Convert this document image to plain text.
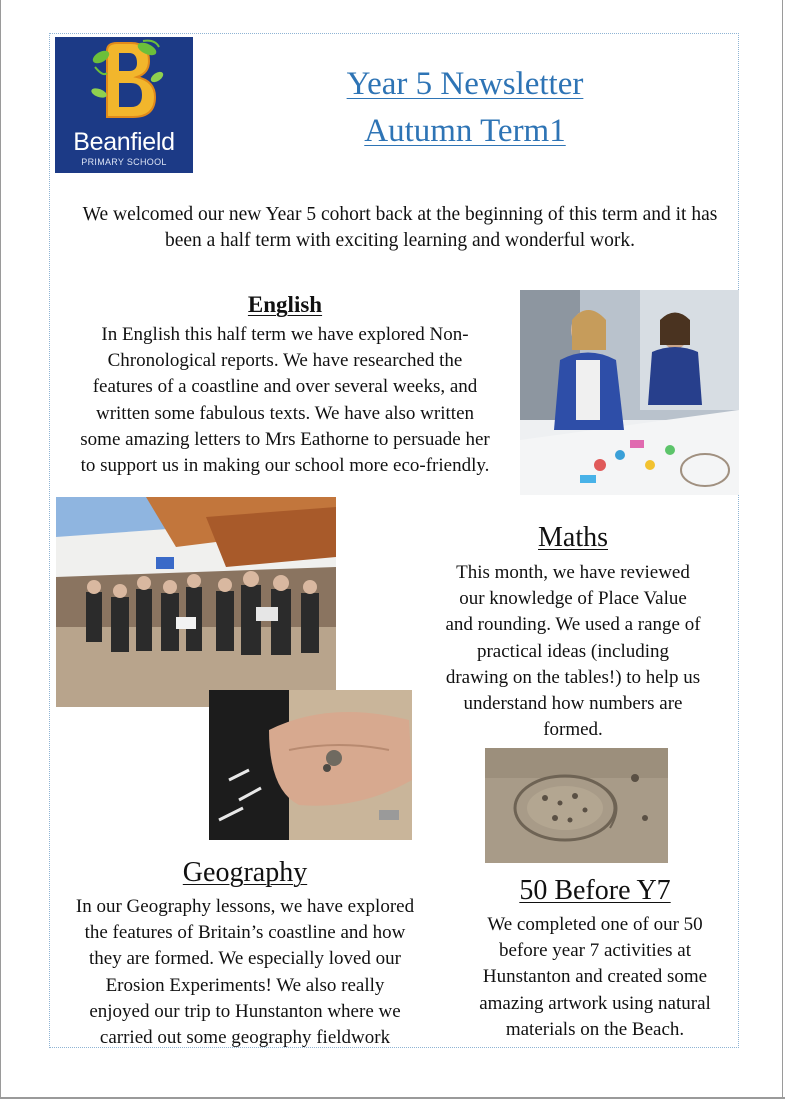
Beanfield
PRIMARY SCHOOL
Year 5 Newsletter
Autumn Term1
We welcomed our new Year 5 cohort back at the beginning of this term and it has been a half term with exciting learning and wonderful work.
English
In English this half term we have explored Non-
Chronological reports. We have researched the
features of a coastline and over several weeks, and
written some fabulous texts. We have also written
some amazing letters to Mrs Eathorne to persuade her
to support us in making our school more eco-friendly.
Maths
This month, we have reviewed
our knowledge of Place Value
and rounding. We used a range of
practical ideas (including
drawing on the tables!) to help us
understand how numbers are
formed.
Geography
In our Geography lessons, we have explored
the features of Britain’s coastline and how
they are formed. We especially loved our
Erosion Experiments! We also really
enjoyed our trip to Hunstanton where we
carried out some geography fieldwork
50 Before Y7
We completed one of our 50
before year 7 activities at
Hunstanton and created some
amazing artwork using natural
materials on the Beach.
